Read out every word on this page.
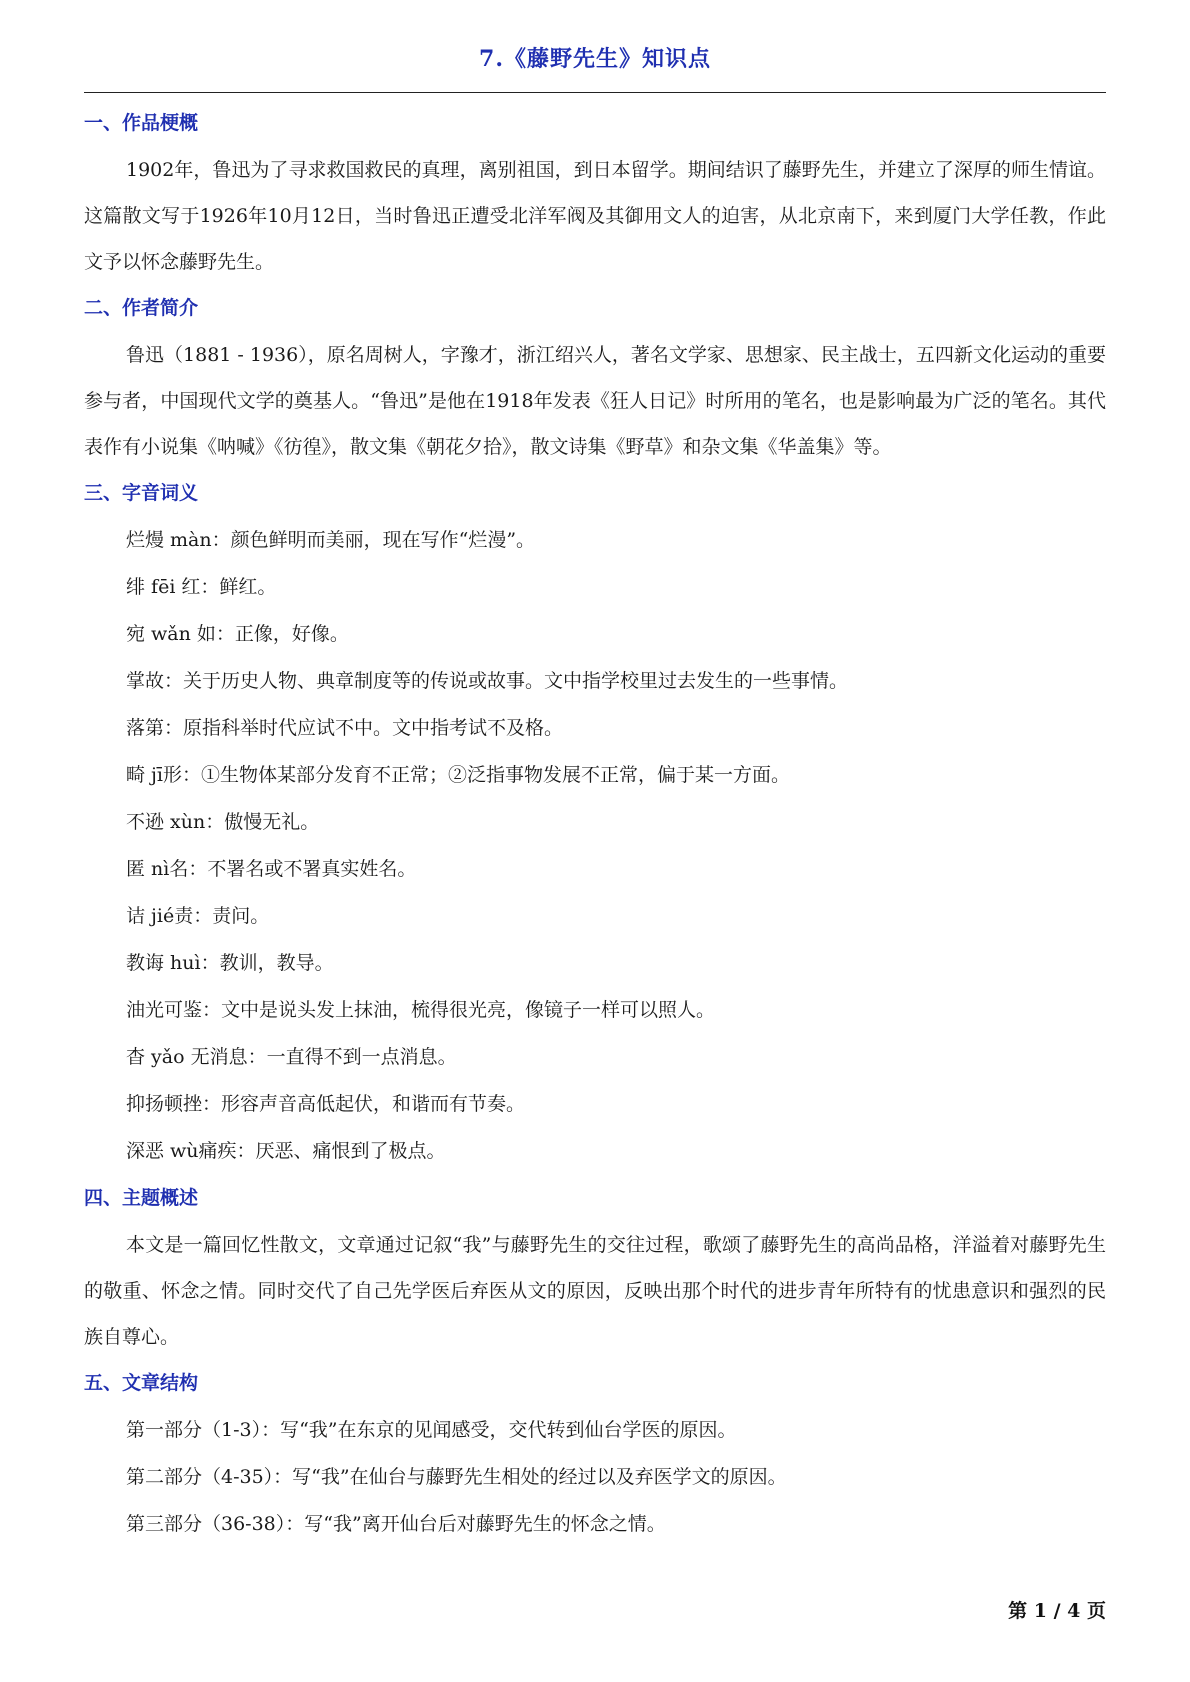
7.《藤野先生》知识点
一、作品梗概

1902年，鲁迅为了寻求救国救民的真理，离别祖国，到日本留学。期间结识了藤野先生，并建立了深厚的师生情谊。这篇散文写于1926年10月12日，当时鲁迅正遭受北洋军阀及其御用文人的迫害，从北京南下，来到厦门大学任教，作此文予以怀念藤野先生。

二、作者简介

鲁迅（1881 - 1936），原名周树人，字豫才，浙江绍兴人，著名文学家、思想家、民主战士，五四新文化运动的重要参与者，中国现代文学的奠基人。“鲁迅”是他在1918年发表《狂人日记》时所用的笔名，也是影响最为广泛的笔名。其代表作有小说集《呐喊》《彷徨》，散文集《朝花夕拾》，散文诗集《野草》和杂文集《华盖集》等。

三、字音词义

烂熳 màn：颜色鲜明而美丽，现在写作“烂漫”。

绯 fēi 红：鲜红。

宛 wǎn 如：正像，好像。

掌故：关于历史人物、典章制度等的传说或故事。文中指学校里过去发生的一些事情。

落第：原指科举时代应试不中。文中指考试不及格。

畸 jī形：①生物体某部分发育不正常；②泛指事物发展不正常，偏于某一方面。

不逊 xùn：傲慢无礼。

匿 nì名：不署名或不署真实姓名。

诘 jié责：责问。

教诲 huì：教训，教导。

油光可鉴：文中是说头发上抹油，梳得很光亮，像镜子一样可以照人。

杳 yǎo 无消息：一直得不到一点消息。

抑扬顿挫：形容声音高低起伏，和谐而有节奏。

深恶 wù痛疾：厌恶、痛恨到了极点。

四、主题概述

本文是一篇回忆性散文，文章通过记叙“我”与藤野先生的交往过程，歌颂了藤野先生的高尚品格，洋溢着对藤野先生的敬重、怀念之情。同时交代了自己先学医后弃医从文的原因，反映出那个时代的进步青年所特有的忧患意识和强烈的民族自尊心。

五、文章结构

第一部分（1-3）：写“我”在东京的见闻感受，交代转到仙台学医的原因。

第二部分（4-35）：写“我”在仙台与藤野先生相处的经过以及弃医学文的原因。

第三部分（36-38）：写“我”离开仙台后对藤野先生的怀念之情。

第 1 / 4 页
